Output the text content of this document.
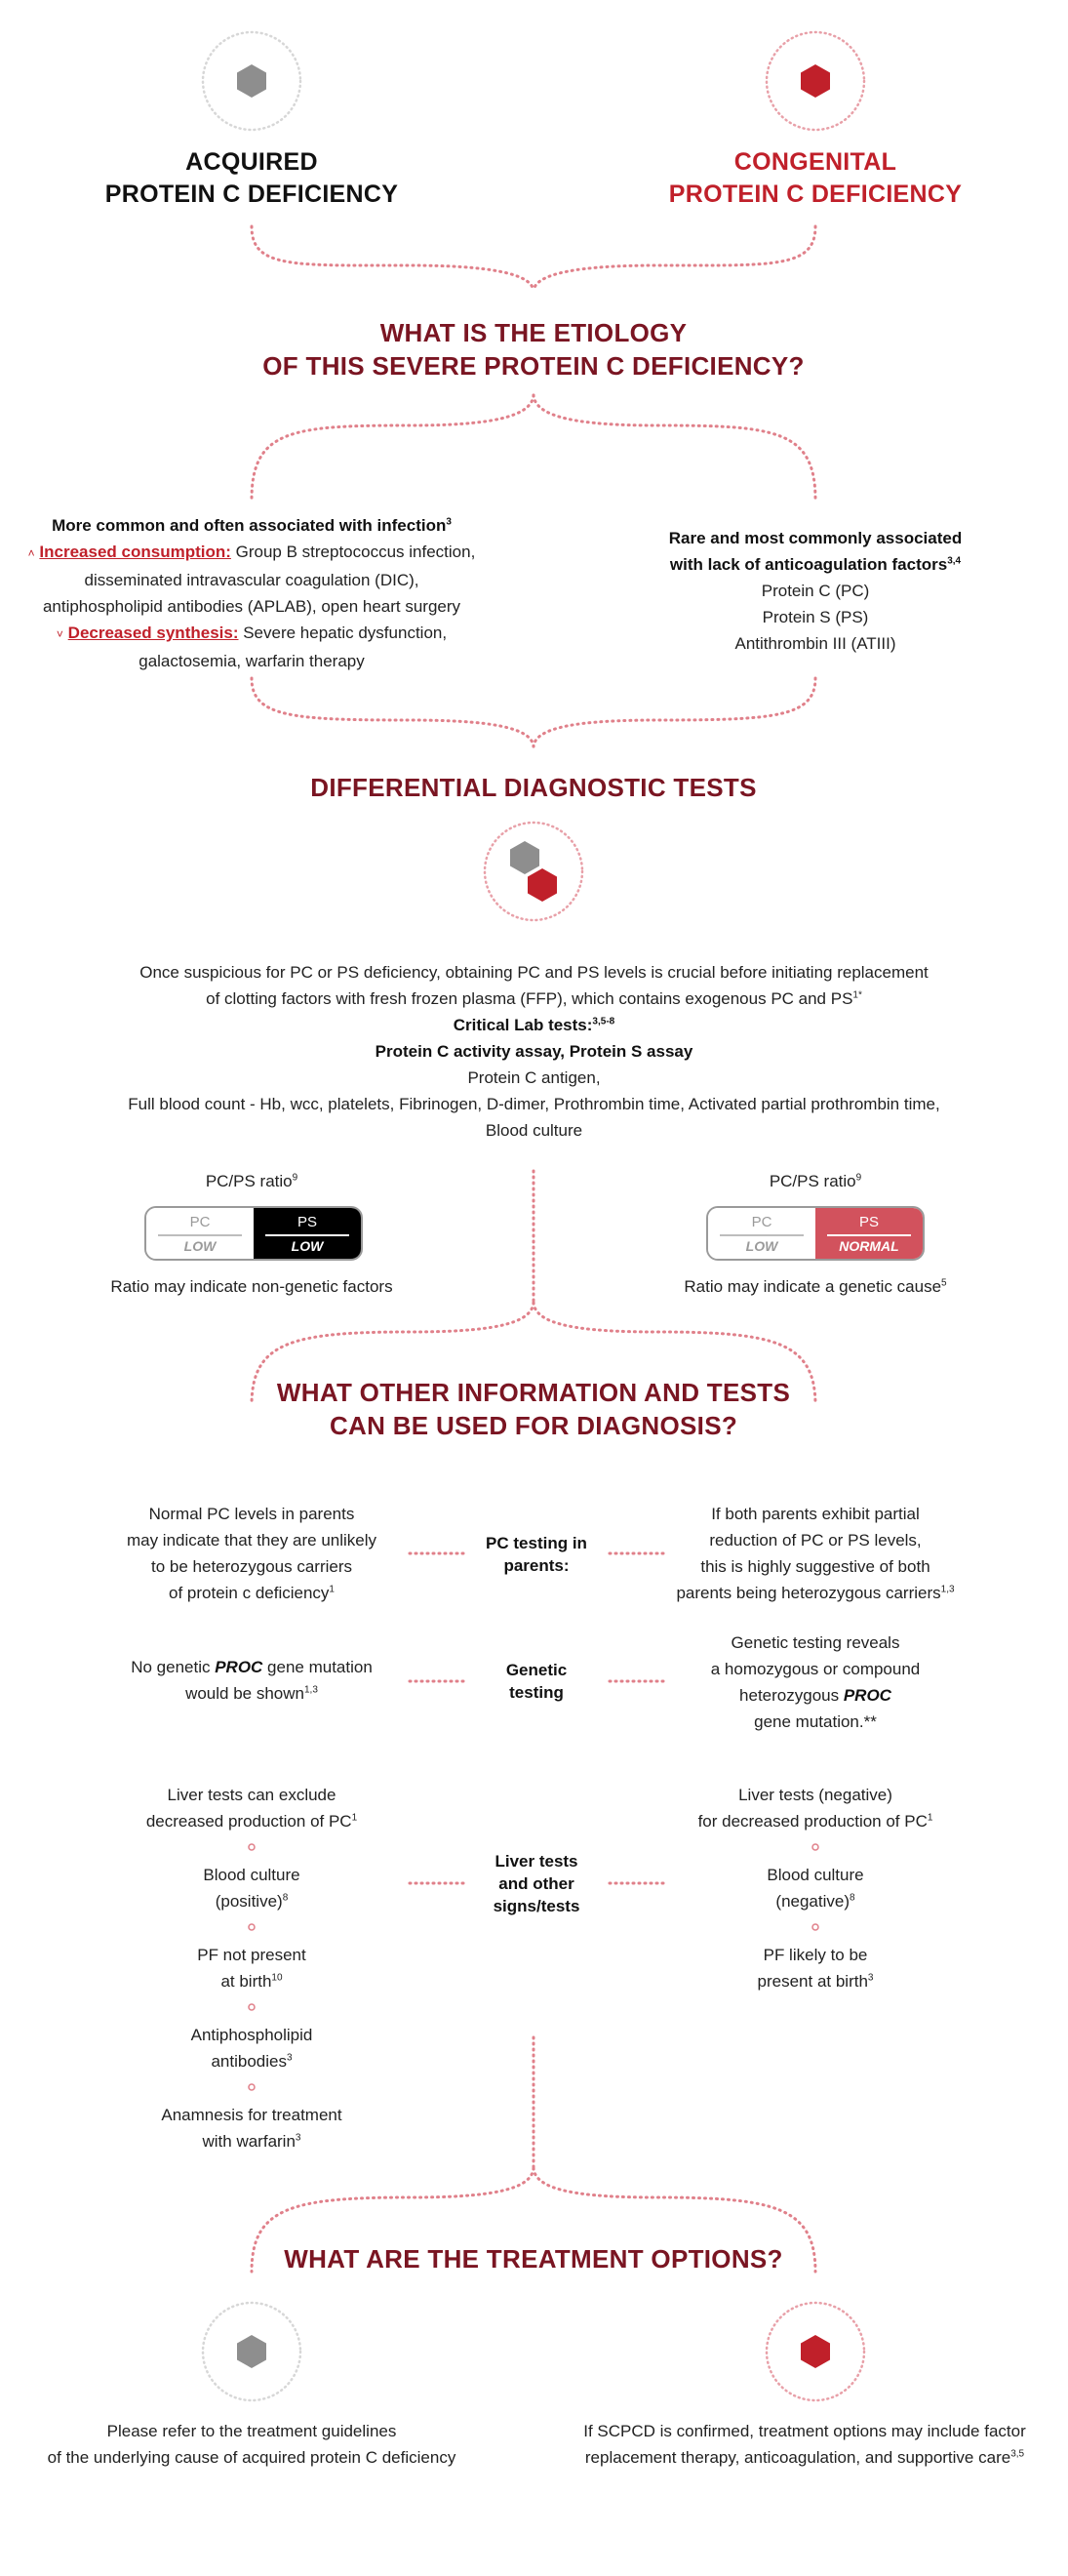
ACQUIRED
PROTEIN C DEFICIENCY
CONGENITAL
PROTEIN C DEFICIENCY
WHAT IS THE ETIOLOGY
OF THIS SEVERE PROTEIN C DEFICIENCY?
More common and often associated with infection$^3$
˄ Increased consumption: Group B streptococcus infection,
disseminated intravascular coagulation (DIC),
antiphospholipid antibodies (APLAB), open heart surgery
˅ Decreased synthesis: Severe hepatic dysfunction,
galactosemia, warfarin therapy
Rare and most commonly associated
with lack of anticoagulation factors$^{3,4}$
Protein C (PC)
Protein S (PS)
Antithrombin III (ATIII)
DIFFERENTIAL DIAGNOSTIC TESTS
Once suspicious for PC or PS deficiency, obtaining PC and PS levels is crucial before initiating replacement
of clotting factors with fresh frozen plasma (FFP), which contains exogenous PC and $PS^{1*}$
Critical Lab tests:$^{3,5-8}$
Protein C activity assay, Protein S assay
Protein C antigen,
Full blood count - Hb, wcc, platelets, Fibrinogen, D-dimer, Prothrombin time, Activated partial prothrombin time,
Blood culture
PC/PS ratio$^9$
PC
LOW
PS
LOW
Ratio may indicate non-genetic factors
PC/PS ratio$^9$
PC
LOW
PS
NORMAL
Ratio may indicate a genetic cause$^5$
WHAT OTHER INFORMATION AND TESTS
CAN BE USED FOR DIAGNOSIS?
Normal PC levels in parents
may indicate that they are unlikely
to be heterozygous carriers
of protein c deficiency$^1$
PC testing in
parents:
If both parents exhibit partial
reduction of PC or PS levels,
this is highly suggestive of both
parents being heterozygous carriers$^{1,3}$
No genetic PROC gene mutation
would be shown$^{1,3}$
Genetic
testing
Genetic testing reveals
a homozygous or compound
heterozygous PROC
gene mutation.**
Liver tests
and other
signs/tests
Liver tests can exclude
decreased production of $PC^1$
Blood culture
(positive)$^8$
PF not present
at birth$^{10}$
Antiphospholipid
antibodies$^3$
Anamnesis for treatment
with warfarin$^3$
Liver tests (negative)
for decreased production of $PC^1$
Blood culture
(negative)$^8$
PF likely to be
present at birth$^3$
WHAT ARE THE TREATMENT OPTIONS?
Please refer to the treatment guidelines
of the underlying cause of acquired protein C deficiency
If SCPCD is confirmed, treatment options may include factor
replacement therapy, anticoagulation, and supportive care$^{3,5}$
